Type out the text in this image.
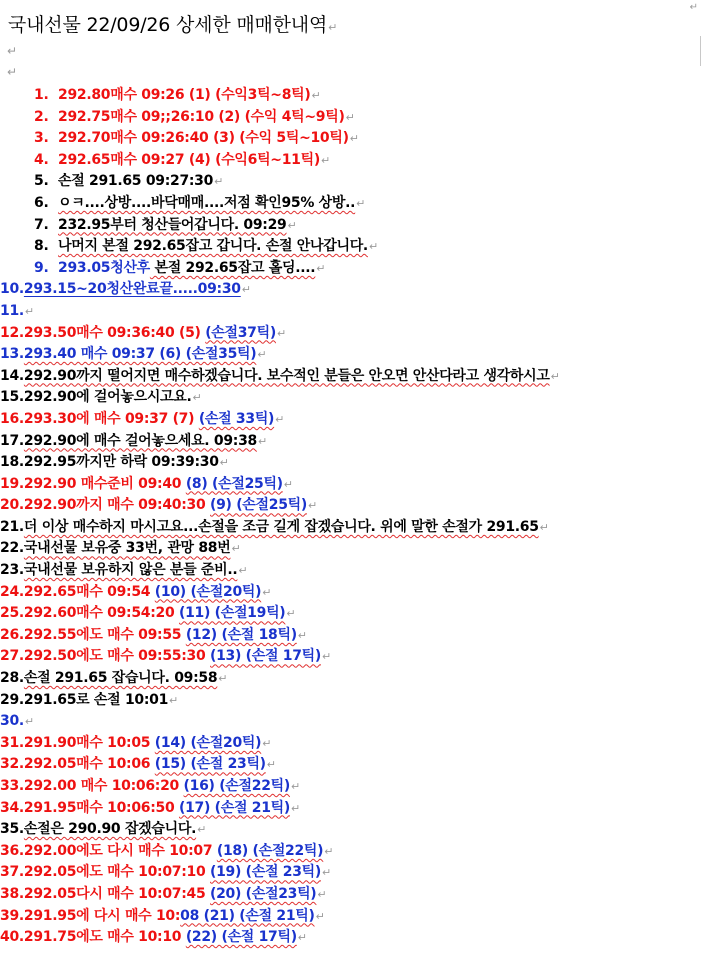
국내선물 22/09/26 상세한 매매한내역↵
↵
↵
↵
1. 292.80매수 09:26 (1) (수익3틱~8틱)↵
2. 292.75매수 09;;26:10 (2) (수익 4틱~9틱)↵
3. 292.70매수 09:26:40 (3) (수익 5틱~10틱)↵
4. 292.65매수 09:27 (4) (수익6틱~11틱)↵
5. 손절 291.65 09:27:30↵
6. ㅇㅋ....상방....바닥매매....저점 확인95% 상방..↵
7. 232.95부터 청산들어갑니다. 09:29↵
8. 나머지 본절 292.65잡고 갑니다. 손절 안나갑니다.↵
9. 293.05청산후 본절 292.65잡고 홀딩....↵
10.293.15~20청산완료끝.....09:30↵
11.↵
12.293.50매수 09:36:40 (5) (손절37틱)↵
13.293.40 매수 09:37 (6) (손절35틱)↵
14.292.90까지 떨어지면 매수하겠습니다. 보수적인 분들은 안오면 안산다라고 생각하시고↵
15.292.90에 걸어놓으시고요.↵
16.293.30에 매수 09:37 (7) (손절 33틱)↵
17.292.90에 매수 걸어놓으세요. 09:38↵
18.292.95까지만 하락 09:39:30↵
19.292.90 매수준비 09:40 (8) (손절25틱)↵
20.292.90까지 매수 09:40:30 (9) (손절25틱)↵
21.더 이상 매수하지 마시고요...손절을 조금 길게 잡겠습니다. 위에 말한 손절가 291.65↵
22.국내선물 보유중 33번, 관망 88번↵
23.국내선물 보유하지 않은 분들 준비..↵
24.292.65매수 09:54 (10) (손절20틱)↵
25.292.60매수 09:54:20 (11) (손절19틱)↵
26.292.55에도 매수 09:55 (12) (손절 18틱)↵
27.292.50에도 매수 09:55:30 (13) (손절 17틱)↵
28.손절 291.65 잡습니다. 09:58↵
29.291.65로 손절 10:01↵
30.↵
31.291.90매수 10:05 (14) (손절20틱)↵
32.292.05매수 10:06 (15) (손절 23틱)↵
33.292.00 매수 10:06:20 (16) (손절22틱)↵
34.291.95매수 10:06:50 (17) (손절 21틱)↵
35.손절은 290.90 잡겠습니다.↵
36.292.00에도 다시 매수 10:07 (18) (손절22틱)↵
37.292.05에도 매수 10:07:10 (19) (손절 23틱)↵
38.292.05다시 매수 10:07:45 (20) (손절23틱)↵
39.291.95에 다시 매수 10:08 (21) (손절 21틱)↵
40.291.75에도 매수 10:10 (22) (손절 17틱)↵
